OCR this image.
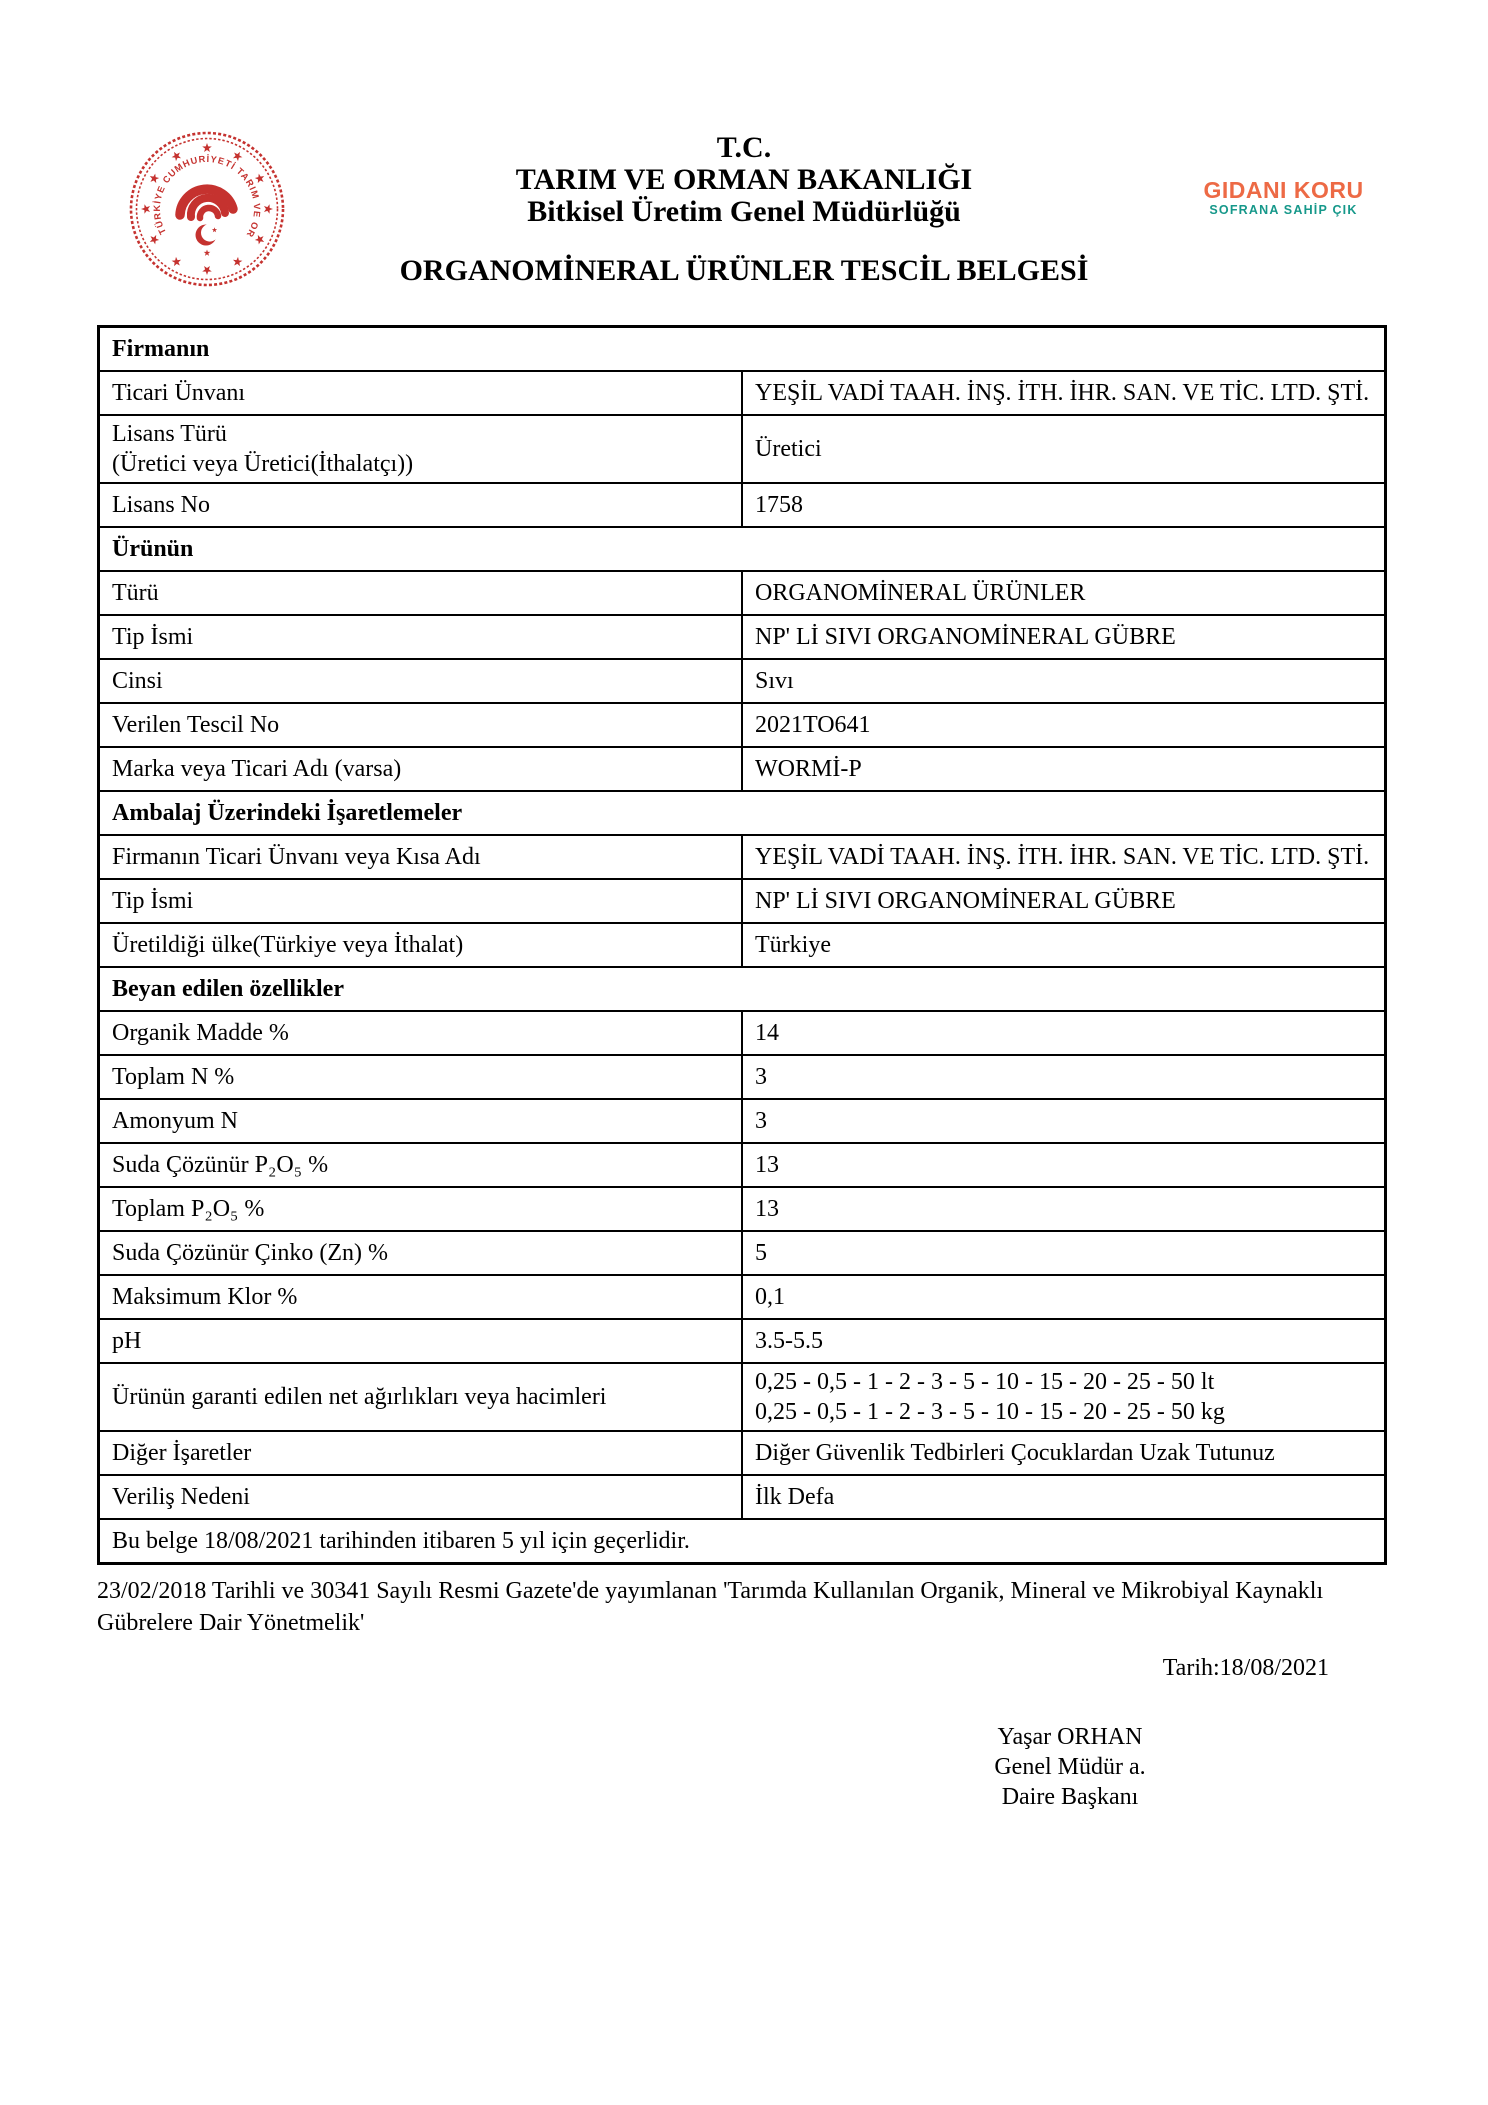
TÜRKİYE CUMHURİYETİ TARIM VE ORMAN BAKANLIĞI
T.C.
TARIM VE ORMAN BAKANLIĞI
Bitkisel Üretim Genel Müdürlüğü
GIDANI KORU
SOFRANA SAHİP ÇIK
ORGANOMİNERAL ÜRÜNLER TESCİL BELGESİ
Firmanın	
Ticari Ünvanı	YEŞİL VADİ TAAH. İNŞ. İTH. İHR. SAN. VE TİC. LTD. ŞTİ.
Lisans Türü
(Üretici veya Üretici(İthalatçı))	Üretici
Lisans No	1758
Ürünün	
Türü	ORGANOMİNERAL ÜRÜNLER
Tip İsmi	NP' Lİ SIVI ORGANOMİNERAL GÜBRE
Cinsi	Sıvı
Verilen Tescil No	2021TO641
Marka veya Ticari Adı (varsa)	WORMİ-P
Ambalaj Üzerindeki İşaretlemeler	
Firmanın Ticari Ünvanı veya Kısa Adı	YEŞİL VADİ TAAH. İNŞ. İTH. İHR. SAN. VE TİC. LTD. ŞTİ.
Tip İsmi	NP' Lİ SIVI ORGANOMİNERAL GÜBRE
Üretildiği ülke(Türkiye veya İthalat)	Türkiye
Beyan edilen özellikler	
Organik Madde %	14
Toplam N %	3
Amonyum N	3
Suda Çözünür P₂O₅ %	13
Toplam P₂O₅ %	13
Suda Çözünür Çinko (Zn) %	5
Maksimum Klor %	0,1
pH	3.5-5.5
Ürünün garanti edilen net ağırlıkları veya hacimleri	0,25 - 0,5 - 1 - 2 - 3 - 5 - 10 - 15 - 20 - 25 - 50 lt
0,25 - 0,5 - 1 - 2 - 3 - 5 - 10 - 15 - 20 - 25 - 50 kg
Diğer İşaretler	Diğer Güvenlik Tedbirleri Çocuklardan Uzak Tutunuz
Veriliş Nedeni	İlk Defa
Bu belge 18/08/2021 tarihinden itibaren 5 yıl için geçerlidir.	
23/02/2018 Tarihli ve 30341 Sayılı Resmi Gazete'de yayımlanan 'Tarımda Kullanılan Organik, Mineral ve Mikrobiyal Kaynaklı Gübrelere Dair Yönetmelik'
Tarih:18/08/2021
Yaşar ORHAN
Genel Müdür a.
Daire Başkanı
